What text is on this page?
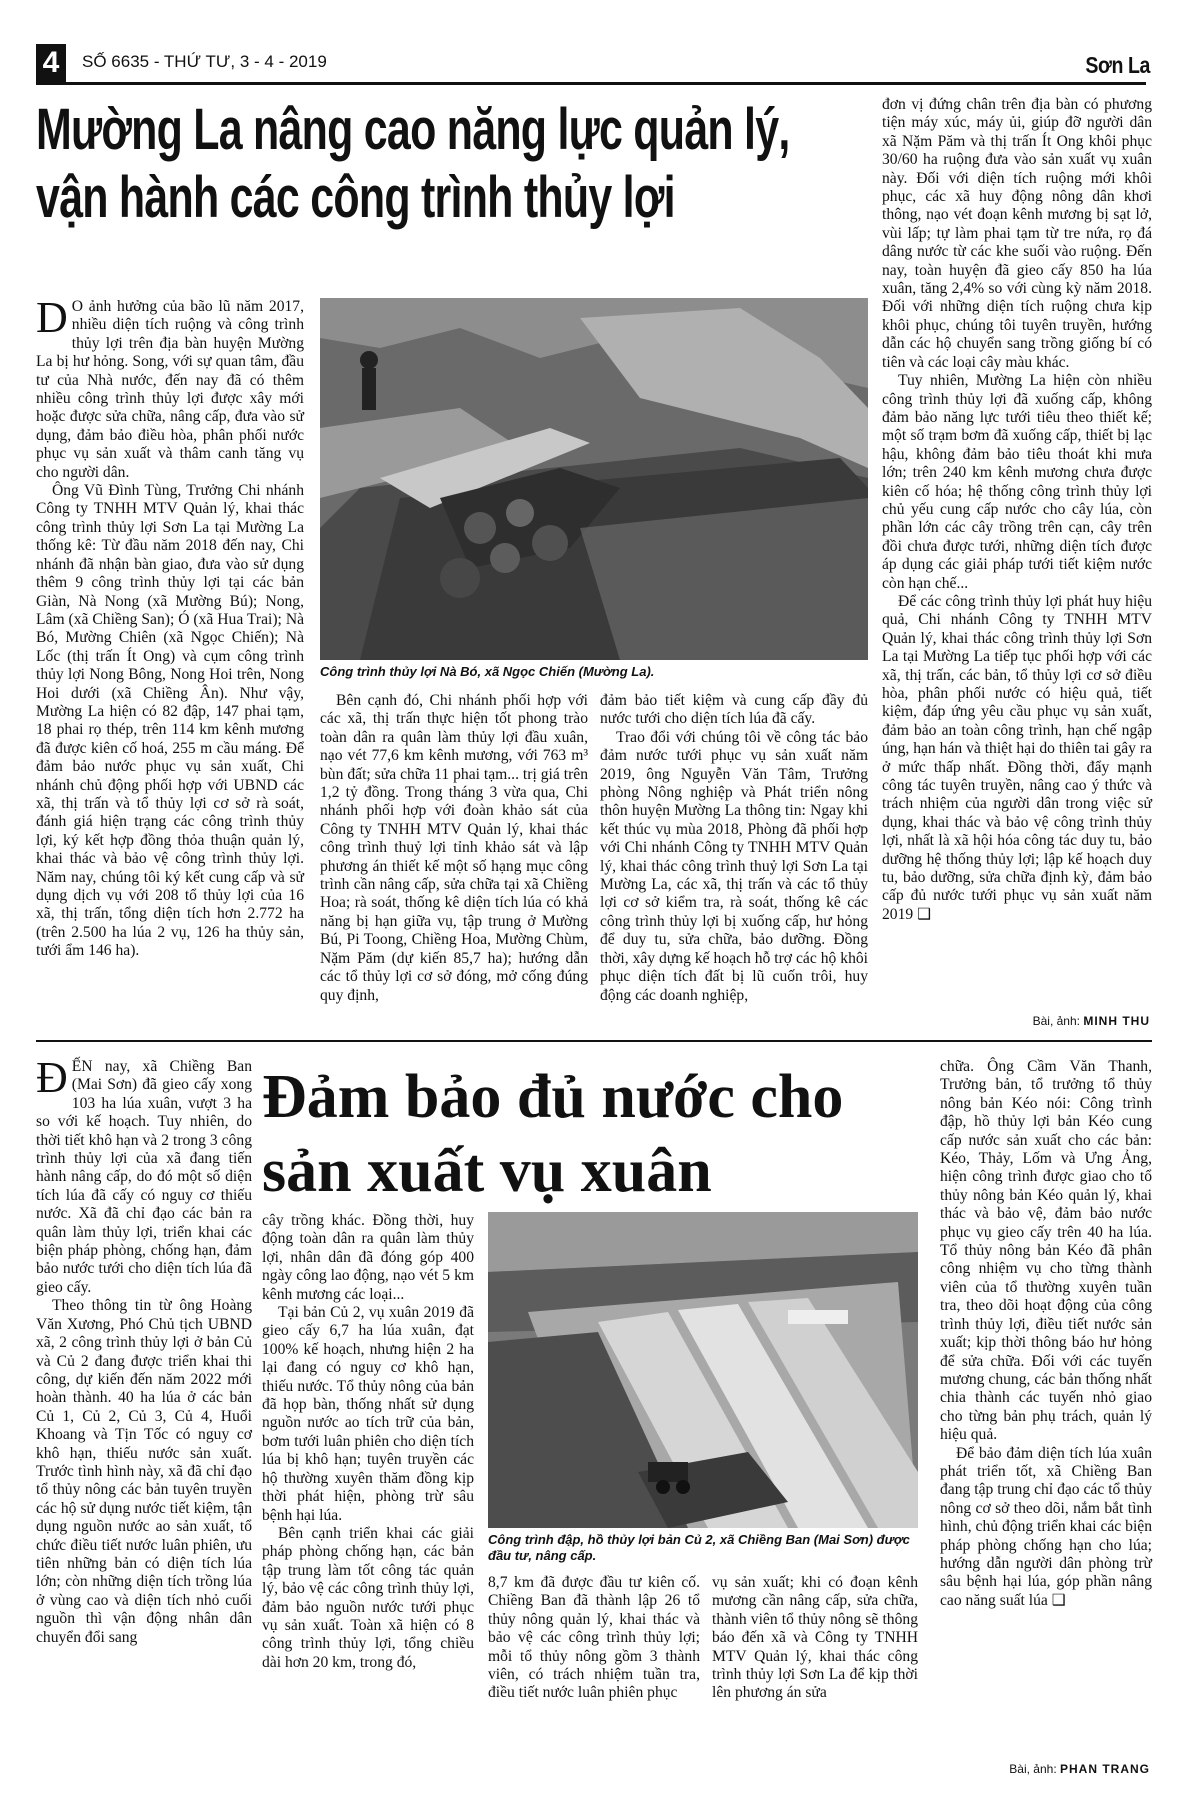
4	SỐ 6635 - THỨ TƯ, 3 - 4 - 2019	Sơn La
Mường La nâng cao năng lực quản lý,
vận hành các công trình thủy lợi

D O ảnh hưởng của bão lũ năm 2017, nhiều diện tích ruộng và công trình thủy lợi trên địa bàn huyện Mường La bị hư hỏng. Song, với sự quan tâm, đầu tư của Nhà nước, đến nay đã có thêm nhiều công trình thủy lợi được xây mới hoặc được sửa chữa, nâng cấp, đưa vào sử dụng, đảm bảo điều hòa, phân phối nước phục vụ sản xuất và thâm canh tăng vụ cho người dân.

Ông Vũ Đình Tùng, Trưởng Chi nhánh Công ty TNHH MTV Quản lý, khai thác công trình thủy lợi Sơn La tại Mường La thống kê: Từ đầu năm 2018 đến nay, Chi nhánh đã nhận bàn giao, đưa vào sử dụng thêm 9 công trình thủy lợi tại các bản Giàn, Nà Nong (xã Mường Bú); Nong, Lâm (xã Chiềng San); Ó (xã Hua Trai); Nà Bó, Mường Chiên (xã Ngọc Chiến); Nà Lốc (thị trấn Ít Ong) và cụm công trình thủy lợi Nong Bông, Nong Hoi trên, Nong Hoi dưới (xã Chiềng Ân). Như vậy, Mường La hiện có 82 đập, 147 phai tạm, 18 phai rọ thép, trên 114 km kênh mương đã được kiên cố hoá, 255 m cầu máng. Để đảm bảo nước phục vụ sản xuất, Chi nhánh chủ động phối hợp với UBND các xã, thị trấn và tổ thủy lợi cơ sở rà soát, đánh giá hiện trạng các công trình thủy lợi, ký kết hợp đồng thỏa thuận quản lý, khai thác và bảo vệ công trình thủy lợi. Năm nay, chúng tôi ký kết cung cấp và sử dụng dịch vụ với 208 tổ thủy lợi của 16 xã, thị trấn, tổng diện tích hơn 2.772 ha (trên 2.500 ha lúa 2 vụ, 126 ha thủy sản, tưới ẩm 146 ha).

Công trình thủy lợi Nà Bó, xã Ngọc Chiến (Mường La).

Bên cạnh đó, Chi nhánh phối hợp với các xã, thị trấn thực hiện tốt phong trào toàn dân ra quân làm thủy lợi đầu xuân, nạo vét 77,6 km kênh mương, với 763 m³ bùn đất; sửa chữa 11 phai tạm... trị giá trên 1,2 tỷ đồng. Trong tháng 3 vừa qua, Chi nhánh phối hợp với đoàn khảo sát của Công ty TNHH MTV Quản lý, khai thác công trình thuỷ lợi tỉnh khảo sát và lập phương án thiết kế một số hạng mục công trình cần nâng cấp, sửa chữa tại xã Chiềng Hoa; rà soát, thống kê diện tích lúa có khả năng bị hạn giữa vụ, tập trung ở Mường Bú, Pi Toong, Chiềng Hoa, Mường Chùm, Nặm Păm (dự kiến 85,7 ha); hướng dẫn các tổ thủy lợi cơ sở đóng, mở cống đúng quy định,

đảm bảo tiết kiệm và cung cấp đầy đủ nước tưới cho diện tích lúa đã cấy.

Trao đổi với chúng tôi về công tác bảo đảm nước tưới phục vụ sản xuất năm 2019, ông Nguyễn Văn Tâm, Trưởng phòng Nông nghiệp và Phát triển nông thôn huyện Mường La thông tin: Ngay khi kết thúc vụ mùa 2018, Phòng đã phối hợp với Chi nhánh Công ty TNHH MTV Quản lý, khai thác công trình thuỷ lợi Sơn La tại Mường La, các xã, thị trấn và các tổ thủy lợi cơ sở kiểm tra, rà soát, thống kê các công trình thủy lợi bị xuống cấp, hư hỏng để duy tu, sửa chữa, bảo dưỡng. Đồng thời, xây dựng kế hoạch hỗ trợ các hộ khôi phục diện tích đất bị lũ cuốn trôi, huy động các doanh nghiệp,

đơn vị đứng chân trên địa bàn có phương tiện máy xúc, máy ủi, giúp đỡ người dân xã Nặm Păm và thị trấn Ít Ong khôi phục 30/60 ha ruộng đưa vào sản xuất vụ xuân này. Đối với diện tích ruộng mới khôi phục, các xã huy động nông dân khơi thông, nạo vét đoạn kênh mương bị sạt lở, vùi lấp; tự làm phai tạm từ tre nứa, rọ đá dâng nước từ các khe suối vào ruộng. Đến nay, toàn huyện đã gieo cấy 850 ha lúa xuân, tăng 2,4% so với cùng kỳ năm 2018. Đối với những diện tích ruộng chưa kịp khôi phục, chúng tôi tuyên truyền, hướng dẫn các hộ chuyển sang trồng giống bí có tiên và các loại cây màu khác.

Tuy nhiên, Mường La hiện còn nhiều công trình thủy lợi đã xuống cấp, không đảm bảo năng lực tưới tiêu theo thiết kế; một số trạm bơm đã xuống cấp, thiết bị lạc hậu, không đảm bảo tiêu thoát khi mưa lớn; trên 240 km kênh mương chưa được kiên cố hóa; hệ thống công trình thủy lợi chủ yếu cung cấp nước cho cây lúa, còn phần lớn các cây trồng trên cạn, cây trên đồi chưa được tưới, những diện tích được áp dụng các giải pháp tưới tiết kiệm nước còn hạn chế...

Để các công trình thủy lợi phát huy hiệu quả, Chi nhánh Công ty TNHH MTV Quản lý, khai thác công trình thủy lợi Sơn La tại Mường La tiếp tục phối hợp với các xã, thị trấn, các bản, tổ thủy lợi cơ sở điều hòa, phân phối nước có hiệu quả, tiết kiệm, đáp ứng yêu cầu phục vụ sản xuất, đảm bảo an toàn công trình, hạn chế ngập úng, hạn hán và thiệt hại do thiên tai gây ra ở mức thấp nhất. Đồng thời, đẩy mạnh công tác tuyên truyền, nâng cao ý thức và trách nhiệm của người dân trong việc sử dụng, khai thác và bảo vệ công trình thủy lợi, nhất là xã hội hóa công tác duy tu, bảo dưỡng hệ thống thủy lợi; lập kế hoạch duy tu, bảo dưỡng, sửa chữa định kỳ, đảm bảo cấp đủ nước tưới phục vụ sản xuất năm 2019 ❑

Bài, ảnh: MINH THU
Đảm bảo đủ nước cho
sản xuất vụ xuân

ĐẾN nay, xã Chiềng Ban (Mai Sơn) đã gieo cấy xong 103 ha lúa xuân, vượt 3 ha so với kế hoạch. Tuy nhiên, do thời tiết khô hạn và 2 trong 3 công trình thủy lợi của xã đang tiến hành nâng cấp, do đó một số diện tích lúa đã cấy có nguy cơ thiếu nước. Xã đã chỉ đạo các bản ra quân làm thủy lợi, triển khai các biện pháp phòng, chống hạn, đảm bảo nước tưới cho diện tích lúa đã gieo cấy.

Theo thông tin từ ông Hoàng Văn Xương, Phó Chủ tịch UBND xã, 2 công trình thủy lợi ở bản Củ và Củ 2 đang được triển khai thi công, dự kiến đến năm 2022 mới hoàn thành. 40 ha lúa ở các bản Củ 1, Củ 2, Củ 3, Củ 4, Huổi Khoang và Tịn Tốc có nguy cơ khô hạn, thiếu nước sản xuất. Trước tình hình này, xã đã chỉ đạo tổ thủy nông các bản tuyên truyền các hộ sử dụng nước tiết kiệm, tận dụng nguồn nước ao sản xuất, tổ chức điều tiết nước luân phiên, ưu tiên những bản có diện tích lúa lớn; còn những diện tích trồng lúa ở vùng cao và diện tích nhỏ cuối nguồn thì vận động nhân dân chuyển đổi sang

cây trồng khác. Đồng thời, huy động toàn dân ra quân làm thủy lợi, nhân dân đã đóng góp 400 ngày công lao động, nạo vét 5 km kênh mương các loại...

Tại bản Củ 2, vụ xuân 2019 đã gieo cấy 6,7 ha lúa xuân, đạt 100% kế hoạch, nhưng hiện 2 ha lại đang có nguy cơ khô hạn, thiếu nước. Tổ thủy nông của bản đã họp bàn, thống nhất sử dụng nguồn nước ao tích trữ của bản, bơm tưới luân phiên cho diện tích lúa bị khô hạn; tuyên truyền các hộ thường xuyên thăm đồng kịp thời phát hiện, phòng trừ sâu bệnh hại lúa.

Bên cạnh triển khai các giải pháp phòng chống hạn, các bản tập trung làm tốt công tác quản lý, bảo vệ các công trình thủy lợi, đảm bảo nguồn nước tưới phục vụ sản xuất. Toàn xã hiện có 8 công trình thủy lợi, tổng chiều dài hơn 20 km, trong đó,

Công trình đập, hồ thủy lợi bản Củ 2, xã Chiềng Ban (Mai Sơn) được đầu tư, nâng cấp.

8,7 km đã được đầu tư kiên cố. Chiềng Ban đã thành lập 26 tổ thủy nông quản lý, khai thác và bảo vệ các công trình thủy lợi; mỗi tổ thủy nông gồm 3 thành viên, có trách nhiệm tuần tra, điều tiết nước luân phiên phục

vụ sản xuất; khi có đoạn kênh mương cần nâng cấp, sửa chữa, thành viên tổ thủy nông sẽ thông báo đến xã và Công ty TNHH MTV Quản lý, khai thác công trình thủy lợi Sơn La để kịp thời lên phương án sửa

chữa. Ông Cầm Văn Thanh, Trưởng bản, tổ trưởng tổ thủy nông bản Kéo nói: Công trình đập, hồ thủy lợi bản Kéo cung cấp nước sản xuất cho các bản: Kéo, Thảy, Lốm và Ưng Ảng, hiện công trình được giao cho tổ thủy nông bản Kéo quản lý, khai thác và bảo vệ, đảm bảo nước phục vụ gieo cấy trên 40 ha lúa. Tổ thủy nông bản Kéo đã phân công nhiệm vụ cho từng thành viên của tổ thường xuyên tuần tra, theo dõi hoạt động của công trình thủy lợi, điều tiết nước sản xuất; kịp thời thông báo hư hỏng để sửa chữa. Đối với các tuyến mương chung, các bản thống nhất chia thành các tuyến nhỏ giao cho từng bản phụ trách, quản lý hiệu quả.

Để bảo đảm diện tích lúa xuân phát triển tốt, xã Chiềng Ban đang tập trung chỉ đạo các tổ thủy nông cơ sở theo dõi, nắm bắt tình hình, chủ động triển khai các biện pháp phòng chống hạn cho lúa; hướng dẫn người dân phòng trừ sâu bệnh hại lúa, góp phần nâng cao năng suất lúa ❑

Bài, ảnh: PHAN TRANG
